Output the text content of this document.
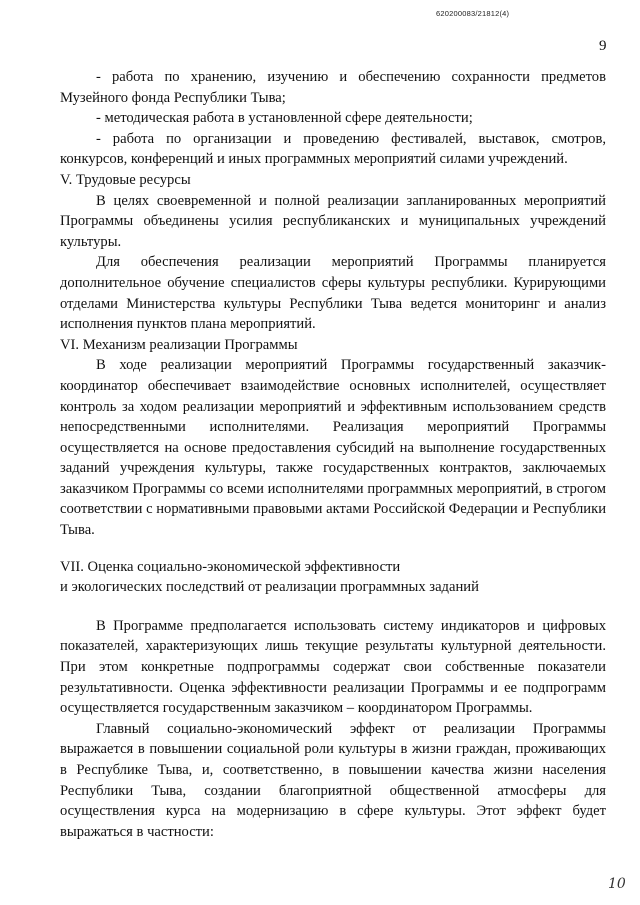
620200083/21812(4)
9

- работа по хранению, изучению и обеспечению сохранности предметов Музейного фонда Республики Тыва;

- методическая работа в установленной сфере деятельности;

- работа по организации и проведению фестивалей, выставок, смотров, конкурсов, конференций и иных программных мероприятий силами учреждений.

V. Трудовые ресурсы

В целях своевременной и полной реализации запланированных мероприятий Программы объединены усилия республиканских и муниципальных учреждений культуры.

Для обеспечения реализации мероприятий Программы планируется дополнительное обучение специалистов сферы культуры республики. Курирующими отделами Министерства культуры Республики Тыва ведется мониторинг и анализ исполнения пунктов плана мероприятий.

VI. Механизм реализации Программы

В ходе реализации мероприятий Программы государственный заказчик-координатор обеспечивает взаимодействие основных исполнителей, осуществляет контроль за ходом реализации мероприятий и эффективным использованием средств непосредственными исполнителями. Реализация мероприятий Программы осуществляется на основе предоставления субсидий на выполнение государственных заданий учреждения культуры, также государственных контрактов, заключаемых заказчиком Программы со всеми исполнителями программных мероприятий, в строгом соответствии с нормативными правовыми актами Российской Федерации и Республики Тыва.

VII. Оценка социально-экономической эффективности

и экологических последствий от реализации программных заданий

В Программе предполагается использовать систему индикаторов и цифровых показателей, характеризующих лишь текущие результаты культурной деятельности. При этом конкретные подпрограммы содержат свои собственные показатели результативности. Оценка эффективности реализации Программы и ее подпрограмм осуществляется государственным заказчиком – координатором Программы.

Главный социально-экономический эффект от реализации Программы выражается в повышении социальной роли культуры в жизни граждан, проживающих в Республике Тыва, и, соответственно, в повышении качества жизни населения Республики Тыва, создании благоприятной общественной атмосферы для осуществления курса на модернизацию в сфере культуры. Этот эффект будет выражаться в частности:

10
